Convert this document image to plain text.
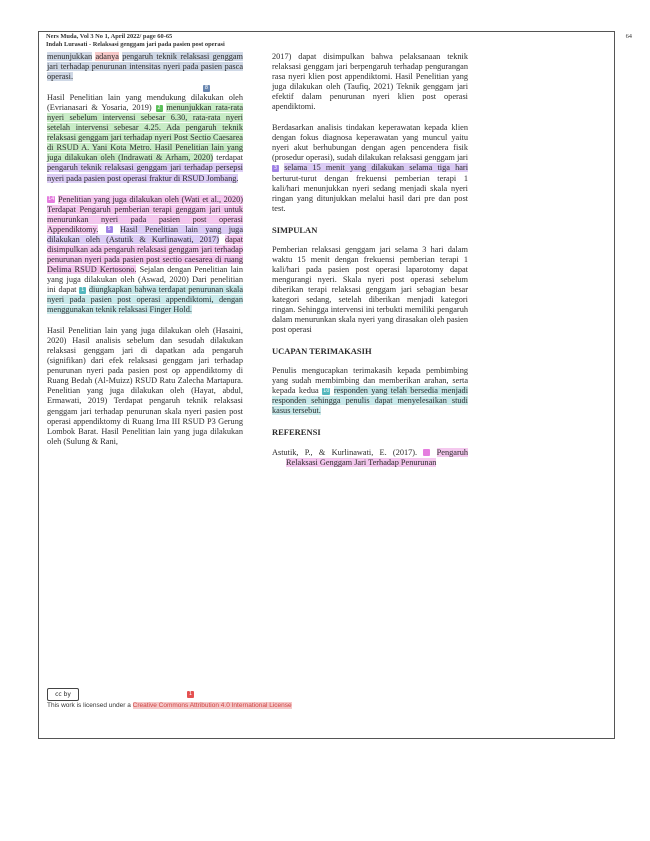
Ners Muda, Vol 3 No 1, April 2022/ page 60-65
Indah Lurasati - Relaksasi genggam jari pada pasien post operasi
64
8

menunjukkan adanya pengaruh teknik relaksasi genggam jari terhadap penurunan intensitas nyeri pada pasien pasca operasi.

Hasil Penelitian lain yang mendukung dilakukan oleh (Evrianasari & Yosaria, 2019) 2 menunjukkan rata-rata nyeri sebelum intervensi sebesar 6.30, rata-rata nyeri setelah intervensi sebesar 4.25. Ada pengaruh teknik relaksasi genggam jari terhadap nyeri Post Sectio Caesarea di RSUD A. Yani Kota Metro. Hasil Penelitian lain yang juga dilakukan oleh (Indrawati & Arham, 2020) terdapat pengaruh teknik relaksasi genggam jari terhadap persepsi nyeri pada pasien post operasi fraktur di RSUD Jombang.

14 Penelitian yang juga dilakukan oleh (Wati et al., 2020) Terdapat Pengaruh pemberian terapi genggam jari untuk menurunkan nyeri pada pasien post operasi Appendiktomy. 5 Hasil Penelitian lain yang juga dilakukan oleh (Astutik & Kurlinawati, 2017) dapat disimpulkan ada pengaruh relaksasi genggam jari terhadap penurunan nyeri pada pasien post sectio caesarea di ruang Delima RSUD Kertosono. Sejalan dengan Penelitian lain yang juga dilakukan oleh (Aswad, 2020) Dari penelitian ini dapat 1 diungkapkan bahwa terdapat penurunan skala nyeri pada pasien post operasi appendiktomi, dengan menggunakan teknik relaksasi Finger Hold.

Hasil Penelitian lain yang juga dilakukan oleh (Hasaini, 2020) Hasil analisis sebelum dan sesudah dilakukan relaksasi genggam jari di dapatkan ada pengaruh (signifikan) dari efek relaksasi genggam jari terhadap penurunan nyeri pada pasien post op appendiktomy di Ruang Bedah (Al-Muizz) RSUD Ratu Zalecha Martapura. Penelitian yang juga dilakukan oleh (Hayat, abdul, Ermawati, 2019) Terdapat pengaruh teknik relaksasi genggam jari terhadap penurunan skala nyeri pasien post operasi appendiktomy di Ruang Irna III RSUD P3 Gerung Lombok Barat. Hasil Penelitian lain yang juga dilakukan oleh (Sulung & Rani,

2017) dapat disimpulkan bahwa pelaksanaan teknik relaksasi genggam jari berpengaruh terhadap pengurangan rasa nyeri klien post appendiktomi. Hasil Penelitian yang juga dilakukan oleh (Taufiq, 2021) Teknik genggam jari efektif dalam penurunan nyeri klien post operasi apendiktomi.

Berdasarkan analisis tindakan keperawatan kepada klien dengan fokus diagnosa keperawatan yang muncul yaitu nyeri akut berhubungan dengan agen pencendera fisik (prosedur operasi), sudah dilakukan relaksasi genggam jari 3 selama 15 menit yang dilakukan selama tiga hari berturut-turut dengan frekuensi pemberian terapi 1 kali/hari menunjukkan nyeri sedang menjadi skala nyeri ringan yang ditunjukkan melalui hasil dari pre dan post test.

SIMPULAN

Pemberian relaksasi genggam jari selama 3 hari dalam waktu 15 menit dengan frekuensi pemberian terapi 1 kali/hari pada pasien post operasi laparotomy dapat mengurangi nyeri. Skala nyeri post operasi sebelum diberikan terapi relaksasi genggam jari sebagian besar kategori sedang, setelah diberikan menjadi kategori ringan. Sehingga intervensi ini terbukti memiliki pengaruh dalam menurunkan skala nyeri yang dirasakan oleh pasien post operasi

UCAPAN TERIMAKASIH

Penulis mengucapkan terimakasih kepada pembimbing yang sudah membimbing dan memberikan arahan, serta kepada kedua 10 responden yang telah bersedia menjadi responden sehingga penulis dapat menyelesaikan studi kasus tersebut.

REFERENSI

Astutik, P., & Kurlinawati, E. (2017). 2 Pengaruh Relaksasi Genggam Jari Terhadap Penurunan

cc by	1
This work is licensed under a Creative Commons Attribution 4.0 International License
